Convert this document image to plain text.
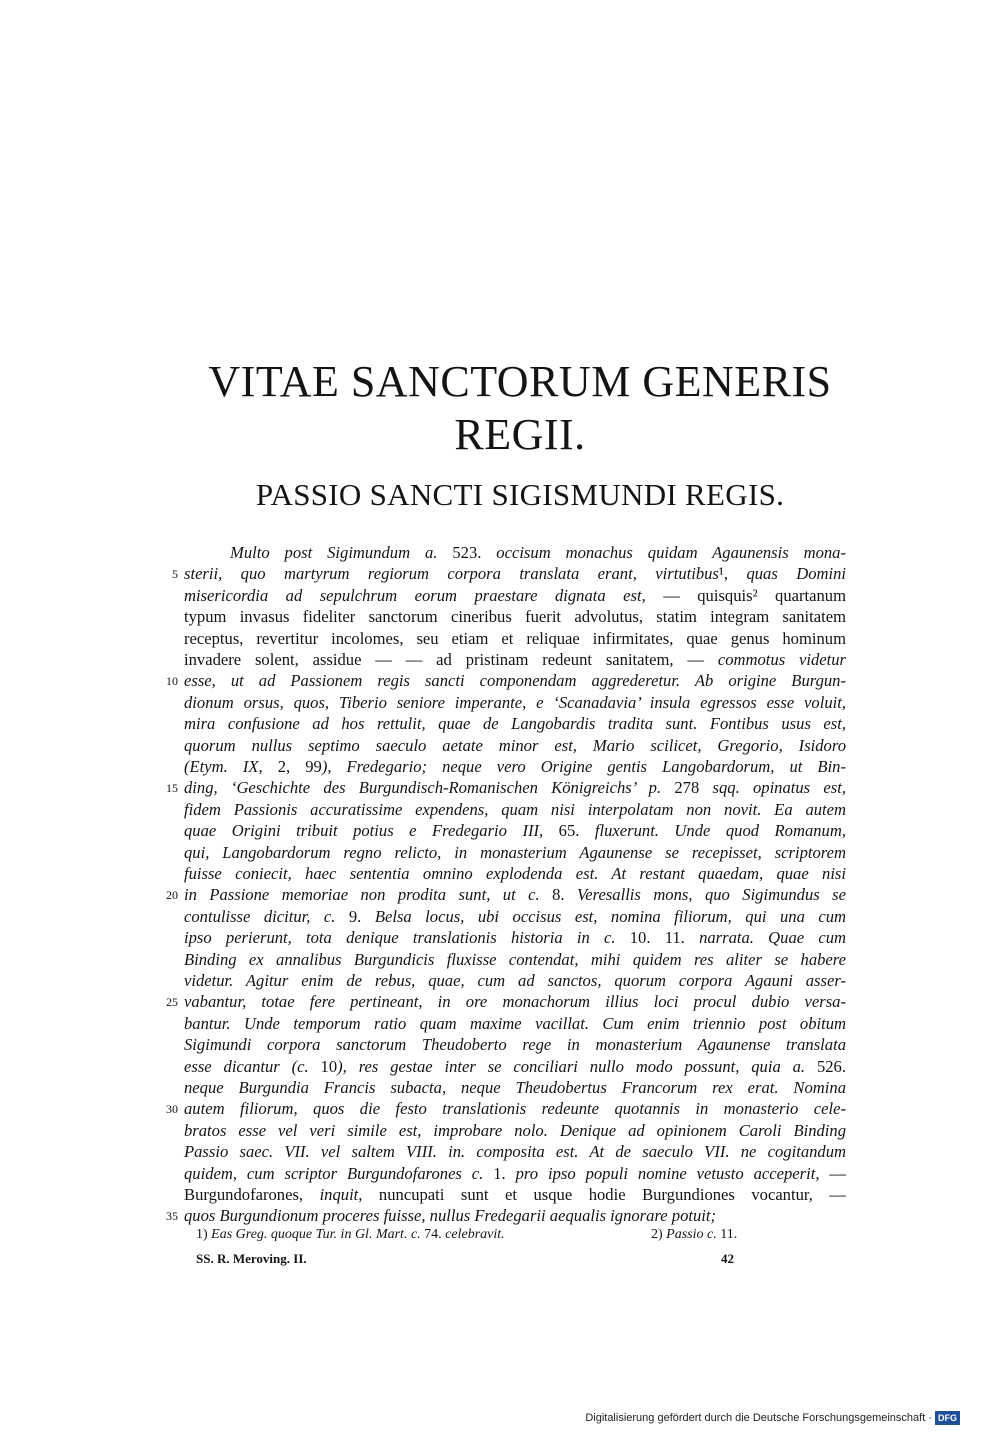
VITAE SANCTORUM GENERIS
REGII.
PASSIO SANCTI SIGISMUNDI REGIS.
Multo post Sigimundum a. 523. occisum monachus quidam Agaunensis mona-
5 sterii, quo martyrum regiorum corpora translata erant, virtutibus¹, quas Domini
misericordia ad sepulchrum eorum praestare dignata est, — quisquis² quartanum
typum invasus fideliter sanctorum cineribus fuerit advolutus, statim integram sanitatem
receptus, revertitur incolomes, seu etiam et reliquae infirmitates, quae genus hominum
invadere solent, assidue — — ad pristinam redeunt sanitatem, — commotus videtur
10 esse, ut ad Passionem regis sancti componendam aggrederetur. Ab origine Burgun-
dionum orsus, quos, Tiberio seniore imperante, e ‘Scanadavia’ insula egressos esse voluit,
mira confusione ad hos rettulit, quae de Langobardis tradita sunt. Fontibus usus est,
quorum nullus septimo saeculo aetate minor est, Mario scilicet, Gregorio, Isidoro
(Etym. IX, 2, 99), Fredegario; neque vero Origine gentis Langobardorum, ut Bin-
15 ding, ‘Geschichte des Burgundisch-Romanischen Königreichs’ p. 278 sqq. opinatus est,
fidem Passionis accuratissime expendens, quam nisi interpolatam non novit. Ea autem
quae Origini tribuit potius e Fredegario III, 65. fluxerunt. Unde quod Romanum,
qui, Langobardorum regno relicto, in monasterium Agaunense se recepisset, scriptorem
fuisse coniecit, haec sententia omnino explodenda est. At restant quaedam, quae nisi
20 in Passione memoriae non prodita sunt, ut c. 8. Veresallis mons, quo Sigimundus se
contulisse dicitur, c. 9. Belsa locus, ubi occisus est, nomina filiorum, qui una cum
ipso perierunt, tota denique translationis historia in c. 10. 11. narrata. Quae cum
Binding ex annalibus Burgundicis fluxisse contendat, mihi quidem res aliter se habere
videtur. Agitur enim de rebus, quae, cum ad sanctos, quorum corpora Agauni asser-
25 vabantur, totae fere pertineant, in ore monachorum illius loci procul dubio versa-
bantur. Unde temporum ratio quam maxime vacillat. Cum enim triennio post obitum
Sigimundi corpora sanctorum Theudoberto rege in monasterium Agaunense translata
esse dicantur (c. 10), res gestae inter se conciliari nullo modo possunt, quia a. 526.
neque Burgundia Francis subacta, neque Theudobertus Francorum rex erat. Nomina
30 autem filiorum, quos die festo translationis redeunte quotannis in monasterio cele-
bratos esse vel veri simile est, improbare nolo. Denique ad opinionem Caroli Binding
Passio saec. VII. vel saltem VIII. in. composita est. At de saeculo VII. ne cogitandum
quidem, cum scriptor Burgundofarones c. 1. pro ipso populi nomine vetusto acceperit, —
Burgundofarones, inquit, nuncupati sunt et usque hodie Burgundiones vocantur, —
35 quos Burgundionum proceres fuisse, nullus Fredegarii aequalis ignorare potuit;
1) Eas Greg. quoque Tur. in Gl. Mart. c. 74. celebravit.	2) Passio c. 11.
SS. R. Meroving. II.	42
Digitalisierung gefördert durch die Deutsche Forschungsgemeinschaft · DFG
